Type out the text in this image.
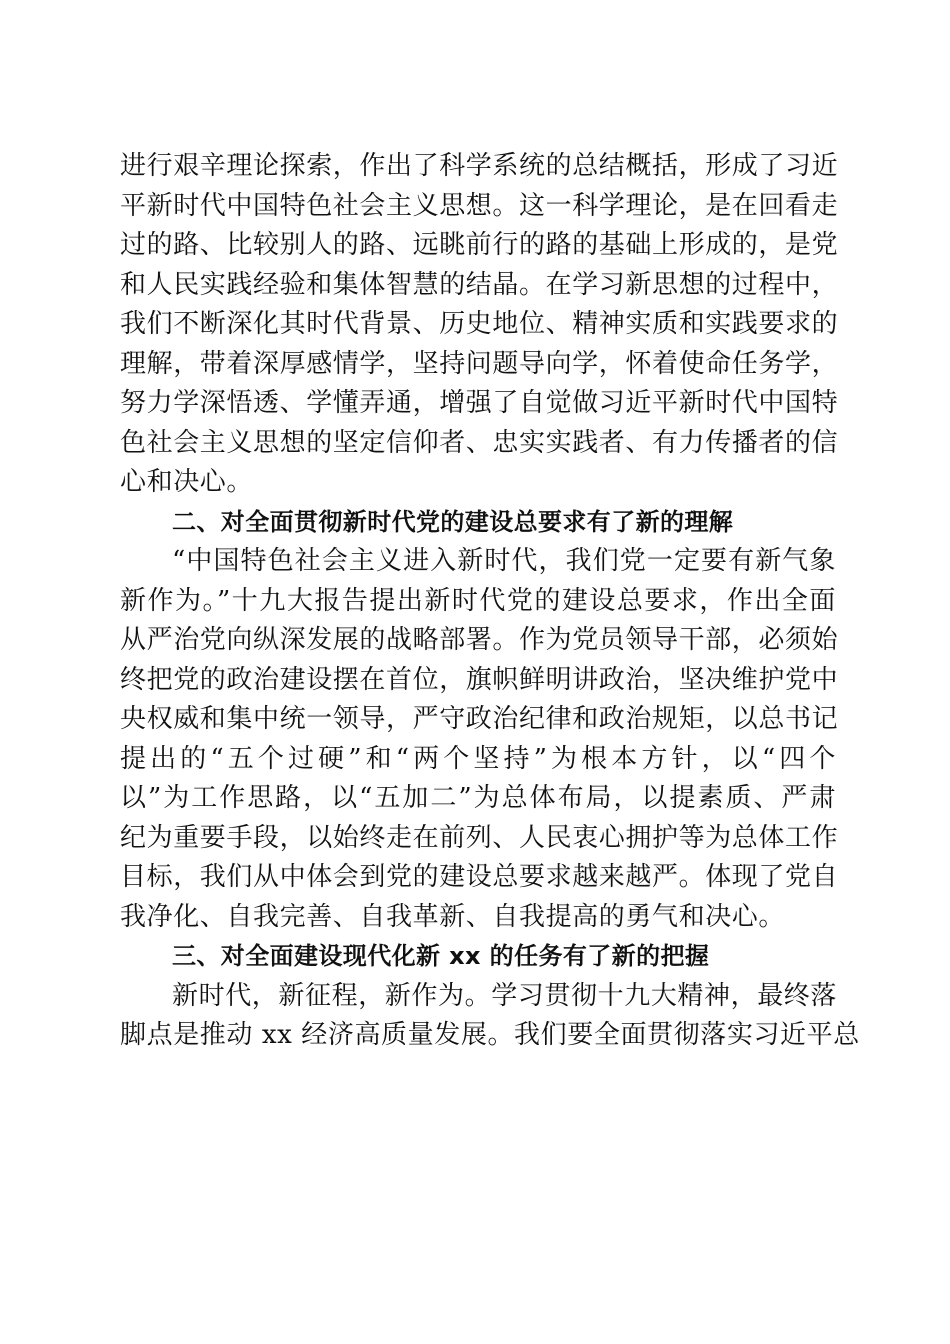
进行艰辛理论探索，作出了科学系统的总结概括，形成了习近
平新时代中国特色社会主义思想。这一科学理论，是在回看走
过的路、比较别人的路、远眺前行的路的基础上形成的，是党
和人民实践经验和集体智慧的结晶。在学习新思想的过程中，
我们不断深化其时代背景、历史地位、精神实质和实践要求的
理解，带着深厚感情学，坚持问题导向学，怀着使命任务学，
努力学深悟透、学懂弄通，增强了自觉做习近平新时代中国特
色社会主义思想的坚定信仰者、忠实实践者、有力传播者的信
心和决心。
二、对全面贯彻新时代党的建设总要求有了新的理解
“中国特色社会主义进入新时代，我们党一定要有新气象
新作为。”十九大报告提出新时代党的建设总要求，作出全面
从严治党向纵深发展的战略部署。作为党员领导干部，必须始
终把党的政治建设摆在首位，旗帜鲜明讲政治，坚决维护党中
央权威和集中统一领导，严守政治纪律和政治规矩，以总书记
提出的“五个过硬”和“两个坚持”为根本方针，以“四个
以”为工作思路，以“五加二”为总体布局，以提素质、严肃
纪为重要手段，以始终走在前列、人民衷心拥护等为总体工作
目标，我们从中体会到党的建设总要求越来越严。体现了党自
我净化、自我完善、自我革新、自我提高的勇气和决心。
三、对全面建设现代化新 xx 的任务有了新的把握
新时代，新征程，新作为。学习贯彻十九大精神，最终落
脚点是推动 xx 经济高质量发展。我们要全面贯彻落实习近平总
